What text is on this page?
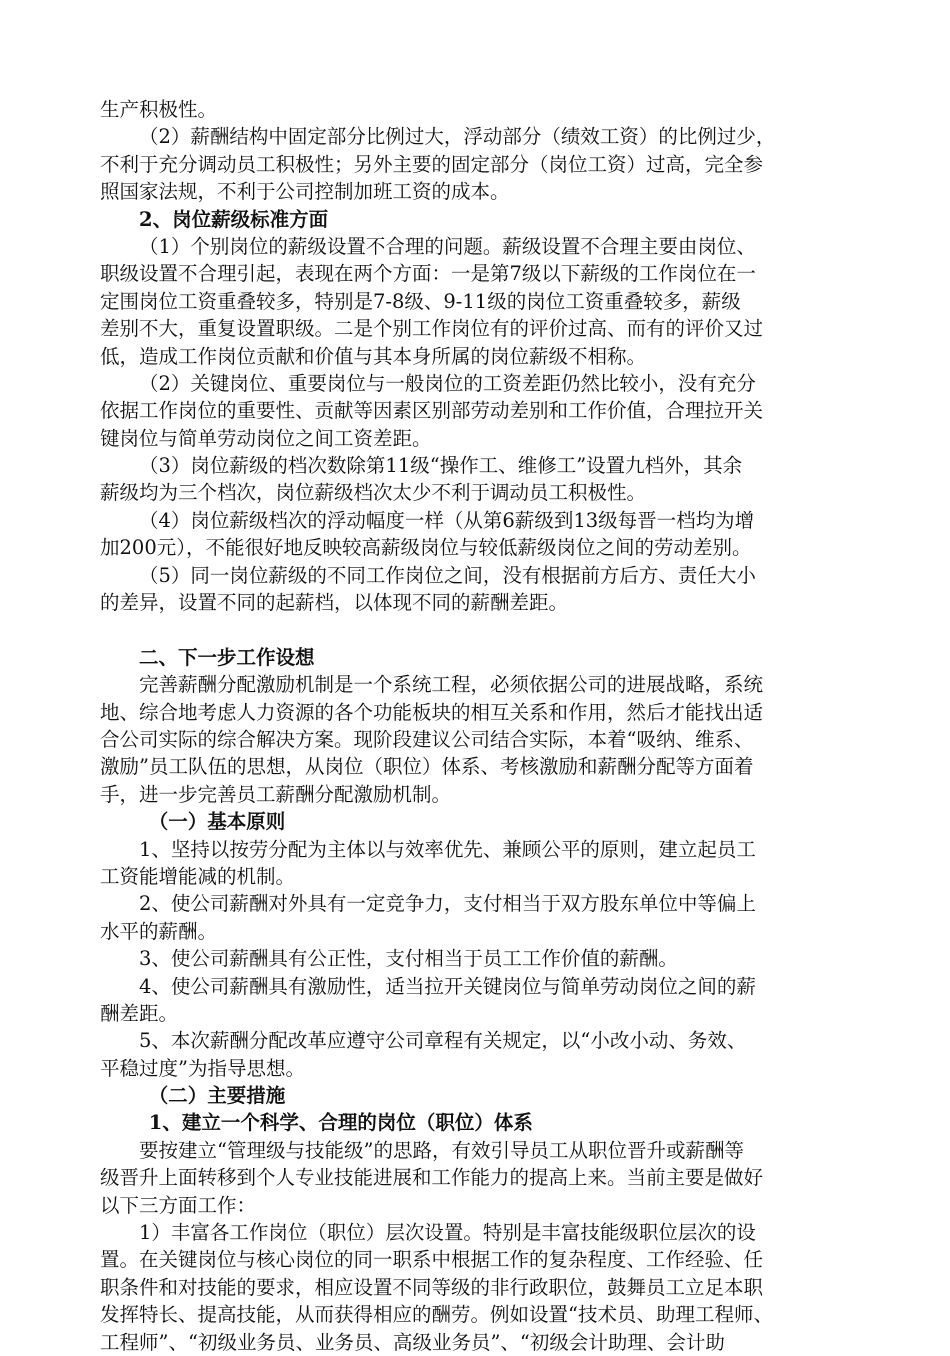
生产积极性。
（2）薪酬结构中固定部分比例过大，浮动部分（绩效工资）的比例过少，
不利于充分调动员工积极性；另外主要的固定部分（岗位工资）过高，完全参
照国家法规，不利于公司控制加班工资的成本。
2、岗位薪级标准方面
（1）个别岗位的薪级设置不合理的问题。薪级设置不合理主要由岗位、
职级设置不合理引起，表现在两个方面：一是第7级以下薪级的工作岗位在一
定围岗位工资重叠较多，特别是7-8级、9-11级的岗位工资重叠较多，薪级
差别不大，重复设置职级。二是个别工作岗位有的评价过高、而有的评价又过
低，造成工作岗位贡献和价值与其本身所属的岗位薪级不相称。
（2）关键岗位、重要岗位与一般岗位的工资差距仍然比较小，没有充分
依据工作岗位的重要性、贡献等因素区别部劳动差别和工作价值，合理拉开关
键岗位与简单劳动岗位之间工资差距。
（3）岗位薪级的档次数除第11级“操作工、维修工”设置九档外，其余
薪级均为三个档次，岗位薪级档次太少不利于调动员工积极性。
（4）岗位薪级档次的浮动幅度一样（从第6薪级到13级每晋一档均为增
加200元），不能很好地反映较高薪级岗位与较低薪级岗位之间的劳动差别。
（5）同一岗位薪级的不同工作岗位之间，没有根据前方后方、责任大小
的差异，设置不同的起薪档，以体现不同的薪酬差距。
二、下一步工作设想
完善薪酬分配激励机制是一个系统工程，必须依据公司的进展战略，系统
地、综合地考虑人力资源的各个功能板块的相互关系和作用，然后才能找出适
合公司实际的综合解决方案。现阶段建议公司结合实际，本着“吸纳、维系、
激励”员工队伍的思想，从岗位（职位）体系、考核激励和薪酬分配等方面着
手，进一步完善员工薪酬分配激励机制。
（一）基本原则
1、坚持以按劳分配为主体以与效率优先、兼顾公平的原则，建立起员工
工资能增能减的机制。
2、使公司薪酬对外具有一定竞争力，支付相当于双方股东单位中等偏上
水平的薪酬。
3、使公司薪酬具有公正性，支付相当于员工工作价值的薪酬。
4、使公司薪酬具有激励性，适当拉开关键岗位与简单劳动岗位之间的薪
酬差距。
5、本次薪酬分配改革应遵守公司章程有关规定，以“小改小动、务效、
平稳过度”为指导思想。
（二）主要措施
1、建立一个科学、合理的岗位（职位）体系
要按建立“管理级与技能级”的思路，有效引导员工从职位晋升或薪酬等
级晋升上面转移到个人专业技能进展和工作能力的提高上来。当前主要是做好
以下三方面工作：
1）丰富各工作岗位（职位）层次设置。特别是丰富技能级职位层次的设
置。在关键岗位与核心岗位的同一职系中根据工作的复杂程度、工作经验、任
职条件和对技能的要求，相应设置不同等级的非行政职位，鼓舞员工立足本职
发挥特长、提高技能，从而获得相应的酬劳。例如设置“技术员、助理工程师、
工程师”、“初级业务员、业务员、高级业务员”、“初级会计助理、会计助
